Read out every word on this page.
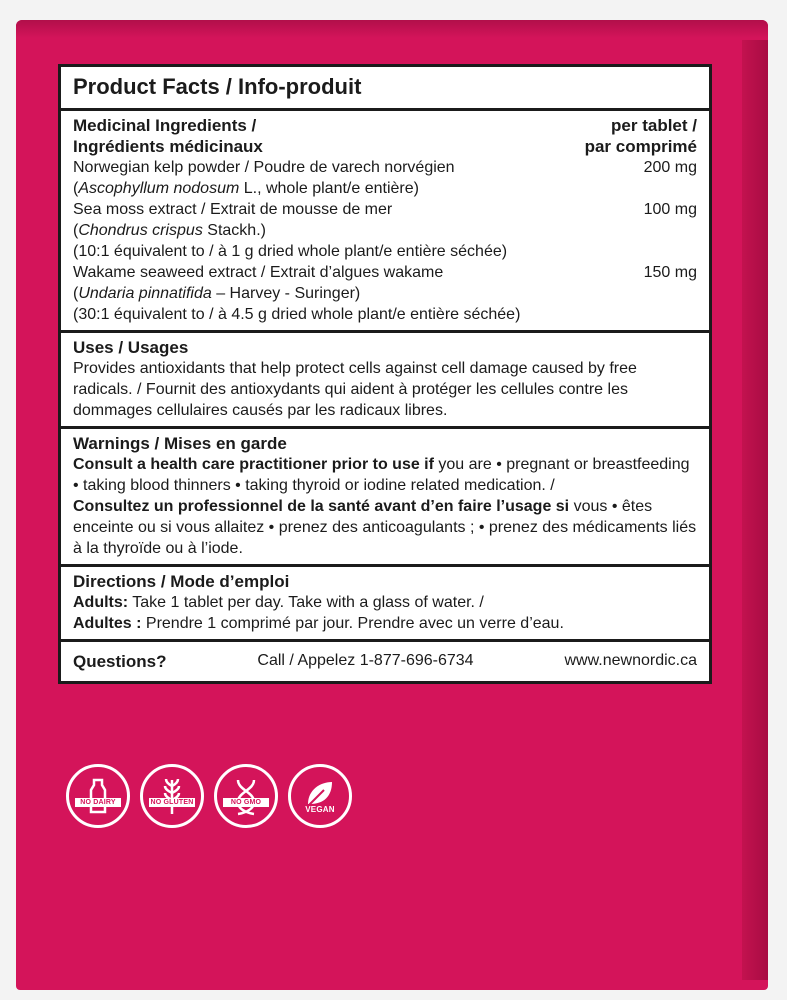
Product Facts / Info-produit
Medicinal Ingredients /
Ingrédients médicinaux
per tablet /
par comprimé
Norwegian kelp powder / Poudre de varech norvégien	200 mg
(Ascophyllum nodosum L., whole plant/e entière)
Sea moss extract / Extrait de mousse de mer	100 mg
(Chondrus crispus Stackh.)
(10:1 équivalent to / à 1 g dried whole plant/e entière séchée)
Wakame seaweed extract / Extrait d’algues wakame	150 mg
(Undaria pinnatifida – Harvey - Suringer)
(30:1 équivalent to / à 4.5 g dried whole plant/e entière séchée)
Uses / Usages
Provides antioxidants that help protect cells against cell damage caused by free radicals. / Fournit des antioxydants qui aident à protéger les cellules contre les dommages cellulaires causés par les radicaux libres.
Warnings / Mises en garde
Consult a health care practitioner prior to use if you are • pregnant or breastfeeding • taking blood thinners • taking thyroid or iodine related medication. /
Consultez un professionnel de la santé avant d’en faire l’usage si vous • êtes enceinte ou si vous allaitez • prenez des anticoagulants ; • prenez des médicaments liés à la thyroïde ou à l’iode.
Directions / Mode d’emploi
Adults: Take 1 tablet per day. Take with a glass of water. /
Adultes : Prendre 1 comprimé par jour. Prendre avec un verre d’eau.
Questions?	Call / Appelez 1-877-696-6734	www.newnordic.ca
NO DAIRY	NO GLUTEN	NO GMO
VEGAN
